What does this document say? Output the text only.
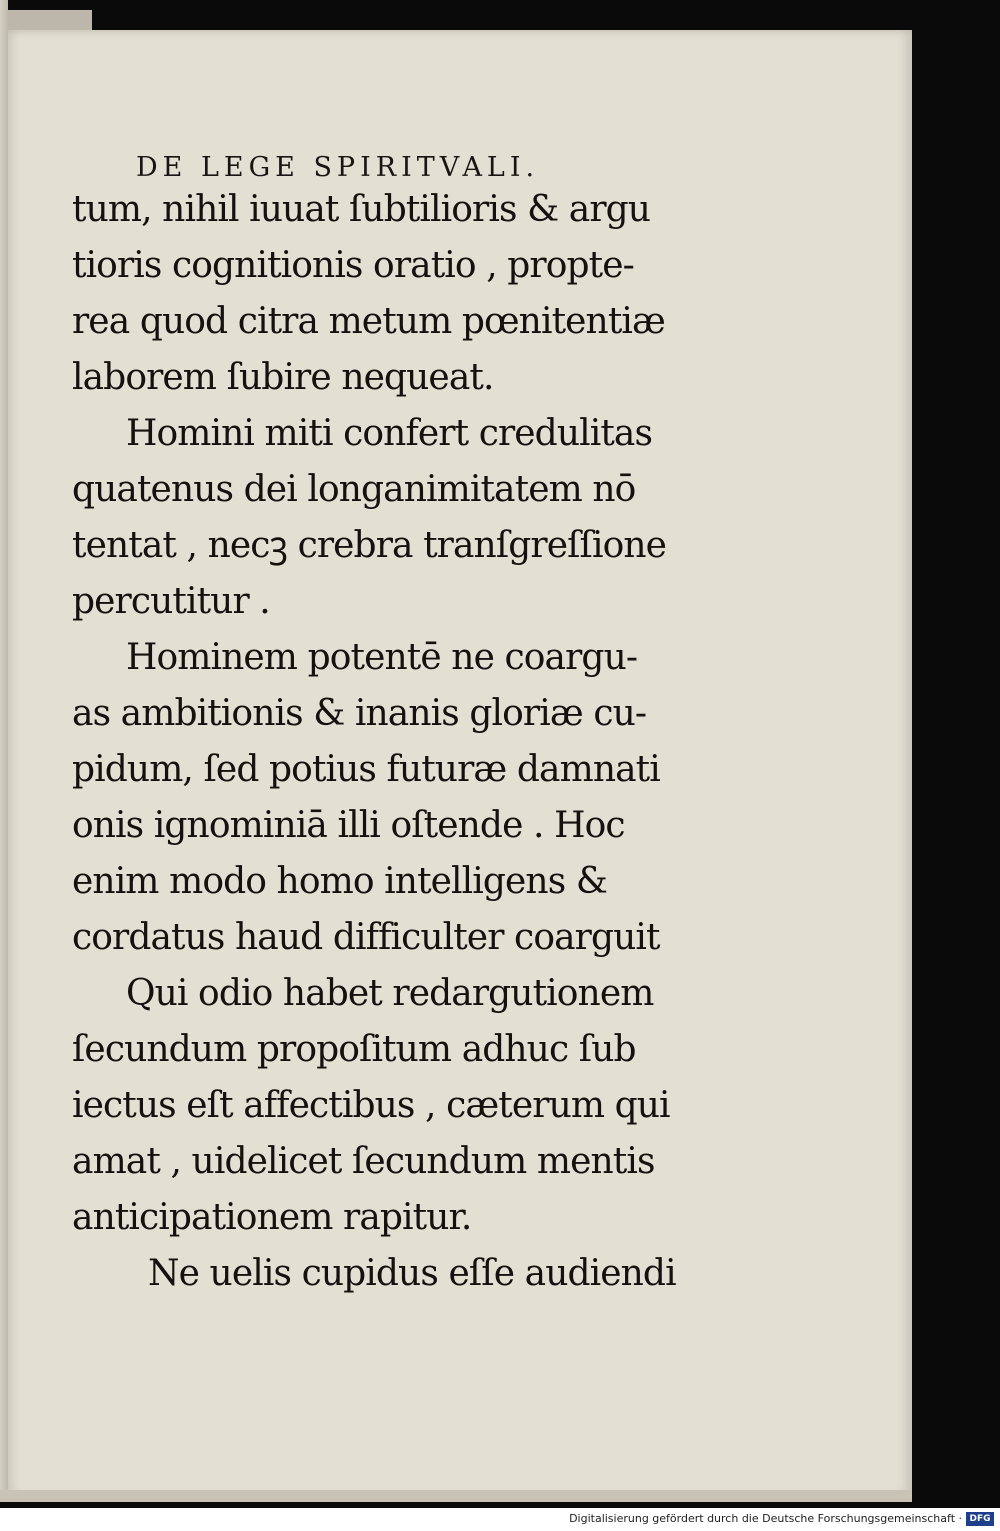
DE LEGE SPIRITVALI.
tum, nihil iuuat ſubtilioris & argu
tioris cognitionis oratio , propte-
rea quod citra metum pœnitentiæ
laborem ſubire nequeat.
Homini miti confert credulitas
quatenus dei longanimitatem nō
tentat , necꝫ crebra tranſgreſſione
percutitur .
Hominem potentē ne coargu-
as ambitionis & inanis gloriæ cu-
pidum, ſed potius futuræ damnati
onis ignominiā illi oſtende . Hoc
enim modo homo intelligens &
cordatus haud difficulter coarguit
Qui odio habet redargutionem
ſecundum propoſitum adhuc ſub
iectus eſt affectibus , cæterum qui
amat , uidelicet ſecundum mentis
anticipationem rapitur.
Ne uelis cupidus eſſe audiendi
Digitalisierung gefördert durch die Deutsche Forschungsgemeinschaft · DFG
